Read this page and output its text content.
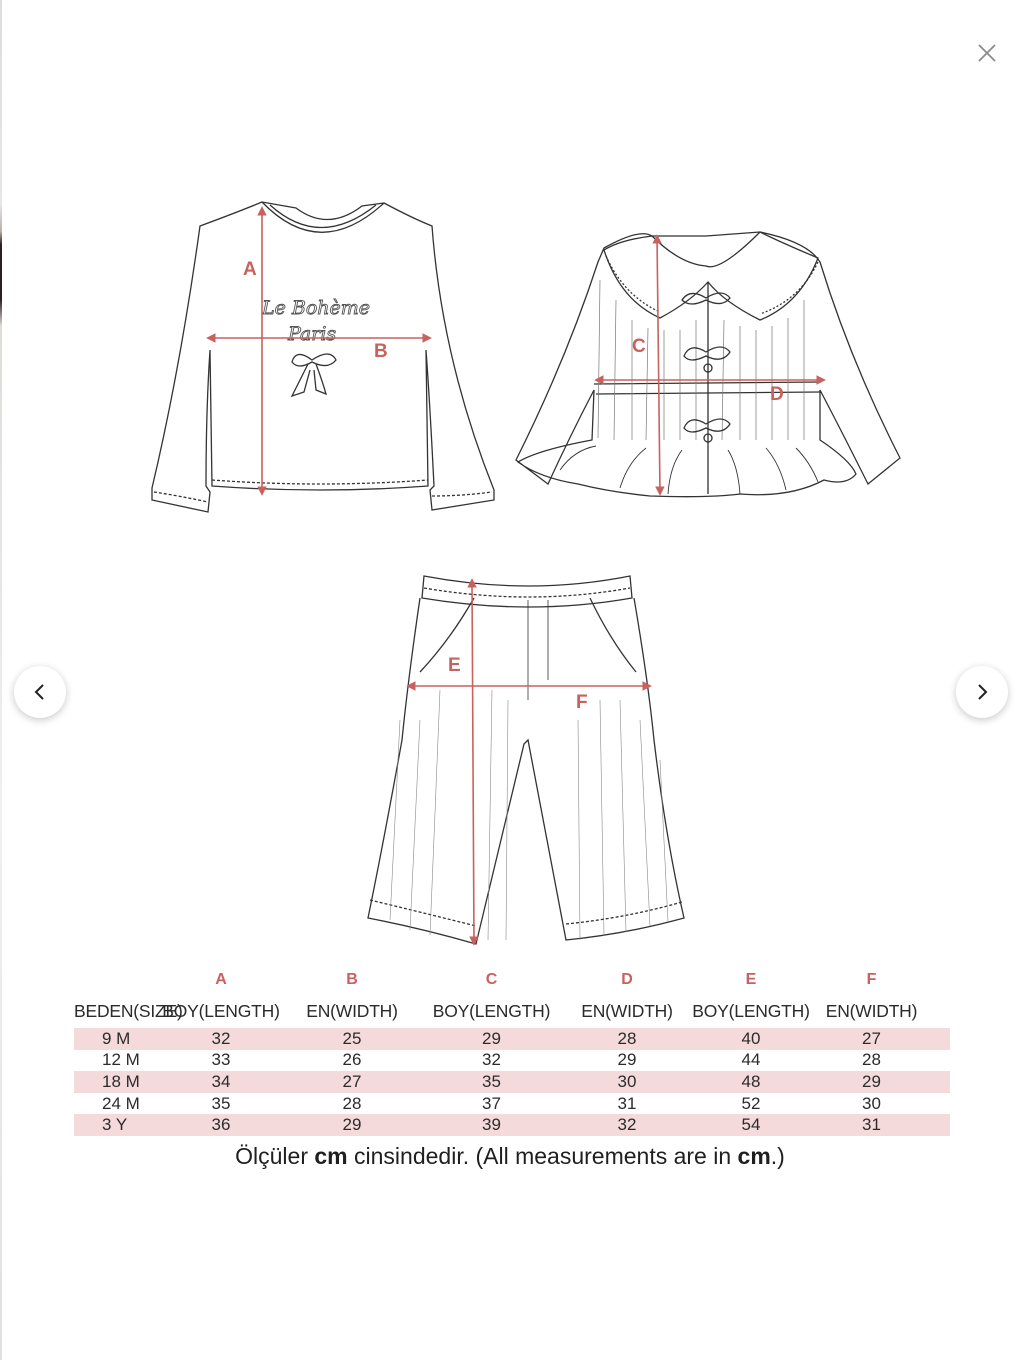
Le Bohème
Paris
A
B	C
D
E
F
A	B	C	D	E	F
BEDEN(SIZE)
BOY(LENGTH)	EN(WIDTH)	BOY(LENGTH)	EN(WIDTH)	BOY(LENGTH) EN(WIDTH)
9 M	32	25	29	28	40	27
12 M	33	26	32	29	44	28
18 M	34	27	35	30	48	29
24 M	35	28	37	31	52	30
3 Y	36	29	39	32	54	31
Ölçüler cm cinsindedir. (All measurements are in cm.)
